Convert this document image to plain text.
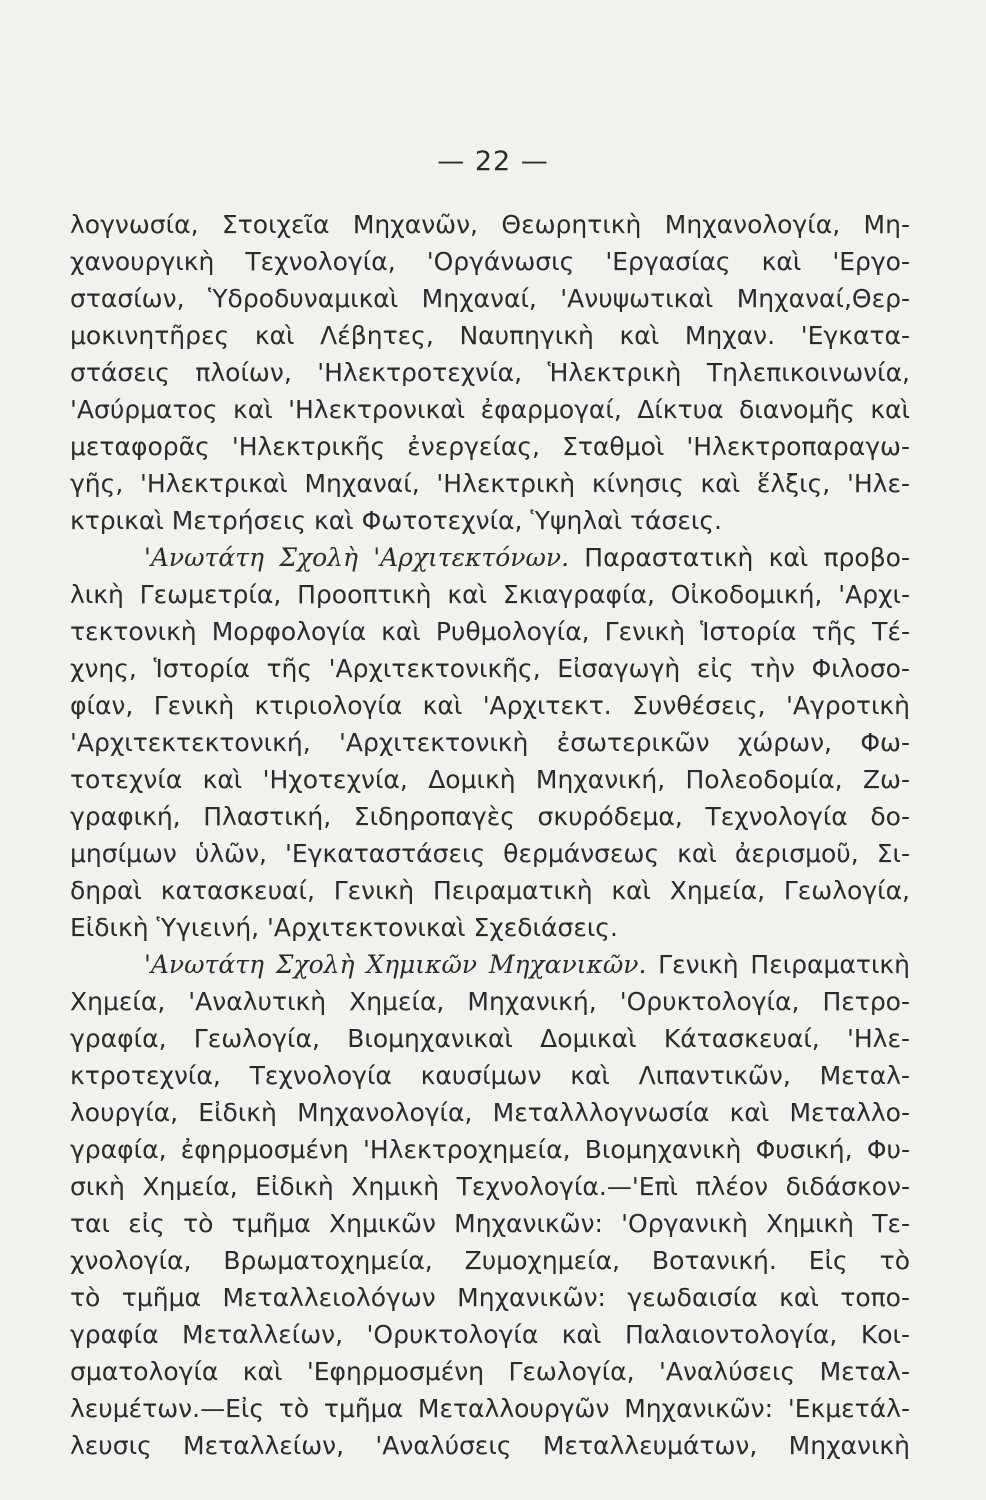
— 22 —
λογνωσία, Στοιχεῖα Μηχανῶν, Θεωρητικὴ Μηχανολογία, Μη-
χανουργικὴ Τεχνολογία, 'Οργάνωσις 'Εργασίας καὶ 'Εργο-
στασίων, Ὑδροδυναμικαὶ Μηχαναί, 'Ανυψωτικαὶ Μηχαναί,Θερ-
μοκινητῆρες καὶ Λέβητες, Ναυπηγικὴ καὶ Μηχαν. 'Εγκατα-
στάσεις πλοίων, 'Ηλεκτροτεχνία, Ἡλεκτρικὴ Τηλεπικοινωνία,
'Ασύρματος καὶ 'Ηλεκτρονικαὶ ἐφαρμογαί, Δίκτυα διανομῆς καὶ
μεταφορᾶς 'Ηλεκτρικῆς ἐνεργείας, Σταθμοὶ 'Ηλεκτροπαραγω-
γῆς, 'Ηλεκτρικαὶ Μηχαναί, 'Ηλεκτρικὴ κίνησις καὶ ἕλξις, 'Ηλε-
κτρικαὶ Μετρήσεις καὶ Φωτοτεχνία, Ὑψηλαὶ τάσεις.
'Ανωτάτη Σχολὴ 'Αρχιτεκτόνων. Παραστατικὴ καὶ προβο-
λικὴ Γεωμετρία, Προοπτικὴ καὶ Σκιαγραφία, Οἰκοδομική, 'Αρχι-
τεκτονικὴ Μορφολογία καὶ Ρυθμολογία, Γενικὴ Ἱστορία τῆς Τέ-
χνης, Ἱστορία τῆς 'Αρχιτεκτονικῆς, Εἰσαγωγὴ εἰς τὴν Φιλοσο-
φίαν, Γενικὴ κτιριολογία καὶ 'Αρχιτεκτ. Συνθέσεις, 'Αγροτικὴ
'Αρχιτεκτεκτονική, 'Αρχιτεκτονικὴ ἐσωτερικῶν χώρων, Φω-
τοτεχνία καὶ 'Ηχοτεχνία, Δομικὴ Μηχανική, Πολεοδομία, Ζω-
γραφική, Πλαστική, Σιδηροπαγὲς σκυρόδεμα, Τεχνολογία δο-
μησίμων ὑλῶν, 'Εγκαταστάσεις θερμάνσεως καὶ ἀερισμοῦ, Σι-
δηραὶ κατασκευαί, Γενικὴ Πειραματικὴ καὶ Χημεία, Γεωλογία,
Εἰδικὴ Ὑγιεινή, 'Αρχιτεκτονικαὶ Σχεδιάσεις.
'Ανωτάτη Σχολὴ Χημικῶν Μηχανικῶν. Γενικὴ Πειραματικὴ
Χημεία, 'Αναλυτικὴ Χημεία, Μηχανική, 'Ορυκτολογία, Πετρο-
γραφία, Γεωλογία, Βιομηχανικαὶ Δομικαὶ Κάτασκευαί, 'Ηλε-
κτροτεχνία, Τεχνολογία καυσίμων καὶ Λιπαντικῶν, Μεταλ-
λουργία, Εἰδικὴ Μηχανολογία, Μεταλλλογνωσία καὶ Μεταλλο-
γραφία, ἐφηρμοσμένη 'Ηλεκτροχημεία, Βιομηχανικὴ Φυσική, Φυ-
σικὴ Χημεία, Εἰδικὴ Χημικὴ Τεχνολογία.—'Επὶ πλέον διδάσκον-
ται εἰς τὸ τμῆμα Χημικῶν Μηχανικῶν: 'Οργανικὴ Χημικὴ Τε-
χνολογία, Βρωματοχημεία, Ζυμοχημεία, Βοτανική. Εἰς τὸ
τὸ τμῆμα Μεταλλειολόγων Μηχανικῶν: γεωδαισία καὶ τοπο-
γραφία Μεταλλείων, 'Ορυκτολογία καὶ Παλαιοντολογία, Κοι-
σματολογία καὶ 'Εφηρμοσμένη Γεωλογία, 'Αναλύσεις Μεταλ-
λευμέτων.—Εἰς τὸ τμῆμα Μεταλλουργῶν Μηχανικῶν: 'Εκμετάλ-
λευσις Μεταλλείων, 'Αναλύσεις Μεταλλευμάτων, Μηχανικὴ
